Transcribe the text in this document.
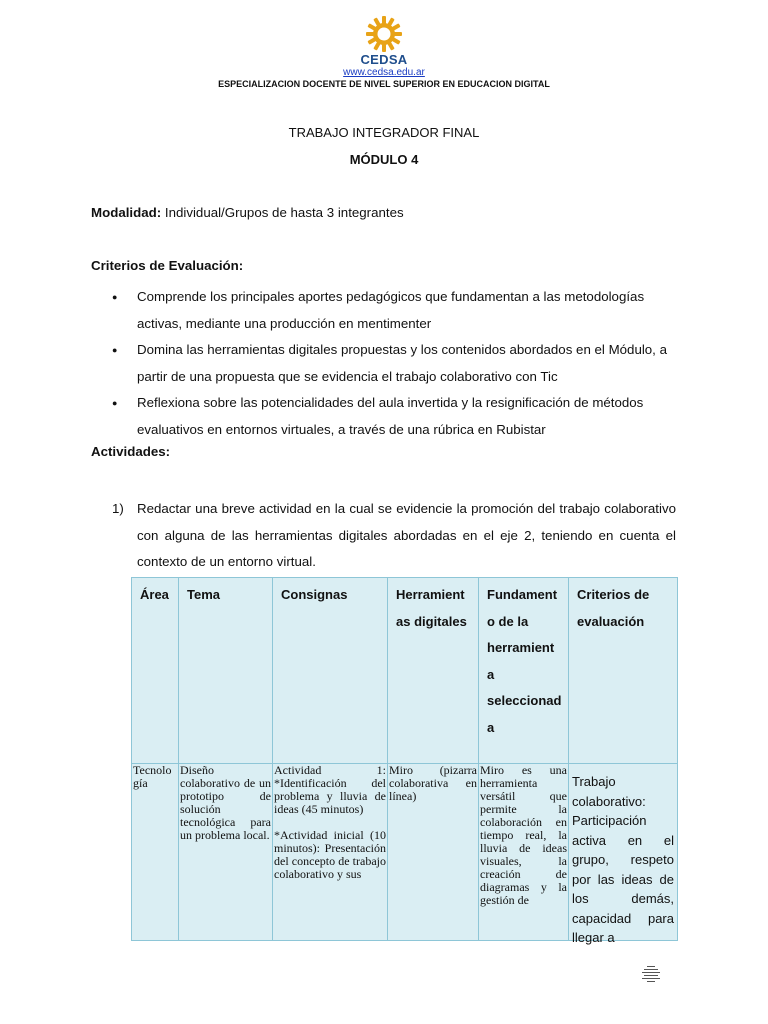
CEDSA
www.cedsa.edu.ar
ESPECIALIZACION DOCENTE DE NIVEL SUPERIOR EN EDUCACION DIGITAL
TRABAJO INTEGRADOR FINAL
MÓDULO 4
Modalidad: Individual/Grupos de hasta 3 integrantes
Criterios de Evaluación:
●	Comprende los principales aportes pedagógicos que fundamentan a las metodologías activas, mediante una producción en mentimenter
●	Domina las herramientas digitales propuestas y los contenidos abordados en el Módulo, a partir de una propuesta que se evidencia el trabajo colaborativo con Tic
●	Reflexiona sobre las potencialidades del aula invertida y la resignificación de métodos evaluativos en entornos virtuales, a través de una rúbrica en Rubistar
Actividades:
1) Redactar una breve actividad en la cual se evidencie la promoción del trabajo colaborativo con alguna de las herramientas digitales abordadas en el eje 2, teniendo en cuenta el contexto de un entorno virtual.
Área	Tema	Consignas	Herramient as digitales	Fundament o de la herramient a seleccionad a	Criterios de evaluación

Tecnolo gía	Diseño colaborativo de un prototipo de solución tecnológica para un problema local.	Actividad 1: *Identificación del problema y lluvia de ideas (45 minutos)
*Actividad inicial (10 minutos): Presentación del concepto de trabajo colaborativo y sus	Miro (pizarra colaborativa en línea)	Miro es una herramienta versátil que permite la colaboración en tiempo real, la lluvia de ideas visuales, la creación de diagramas y la gestión de	Trabajo colaborativo: Participación activa en el grupo, respeto por las ideas de los demás, capacidad para llegar a
